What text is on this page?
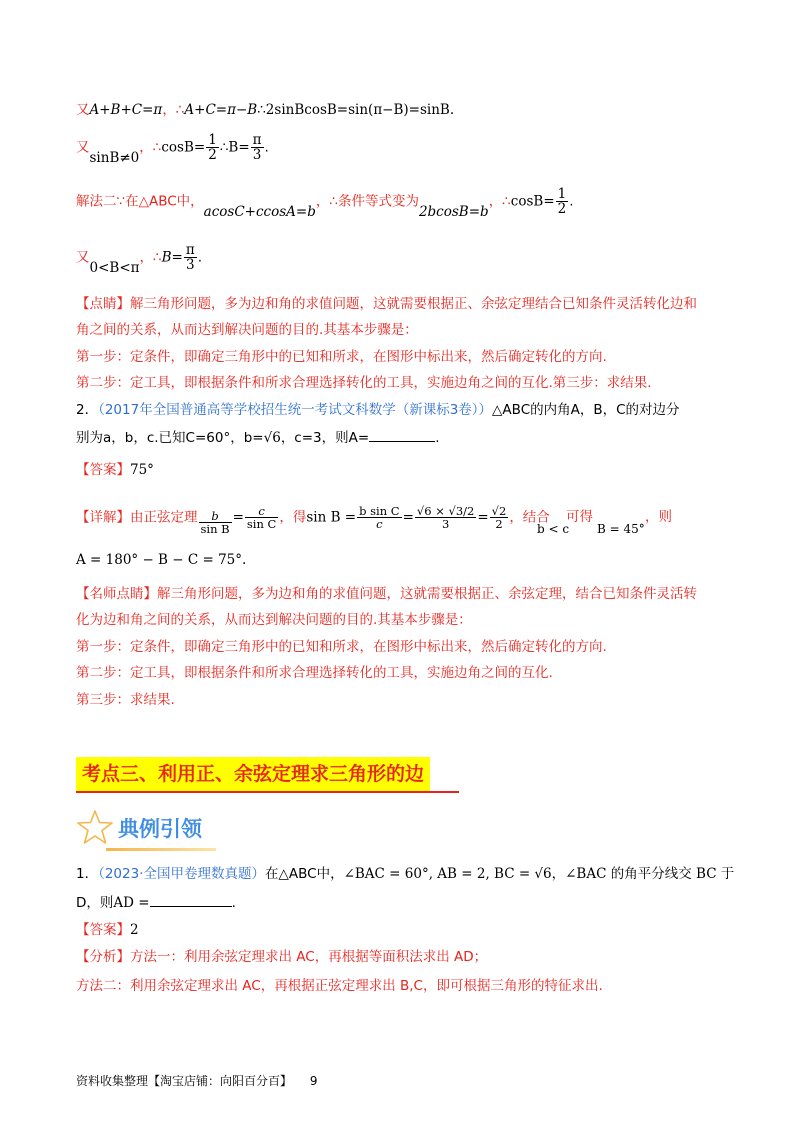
又A+B+C=π，∴A+C=π−B∴2sinBcosB=sin(π−B)=sinB.
又sinB≠0，∴cosB= $\frac{1}{2}$ ∴B= $\frac{\pi}{3}$ .
解法二∵在△ABC中，acosC+ccosA=b，∴条件等式变为2bcosB=b，∴cosB= $\frac{1}{2}$ .
又0<B<π，∴B= $\frac{\pi}{3}$ .
【点睛】解三角形问题，多为边和角的求值问题，这就需要根据正、余弦定理结合已知条件灵活转化边和
角之间的关系，从而达到解决问题的目的.其基本步骤是：
第一步：定条件，即确定三角形中的已知和所求，在图形中标出来，然后确定转化的方向.
第二步：定工具，即根据条件和所求合理选择转化的工具，实施边角之间的互化.第三步：求结果.
2．（2017年全国普通高等学校招生统一考试文科数学（新课标3卷））△ABC的内角A，B，C的对边分
别为a，b，c.已知C=60°，b=√6，c=3，则A=	.
【答案】75°
【详解】由正弦定理 $\frac{b}{\text{sin B}} = \frac{c}{\text{sin C}}$ ，得$\sin B = \frac{\text{b sin C}}{c} = \frac{√6 \times √3/2}{3} = \frac{√2}{2}$ ，结合
b < c
可得
B = 45°
，则
A = 180° − B − C = 75°.
【名师点睛】解三角形问题，多为边和角的求值问题，这就需要根据正、余弦定理，结合已知条件灵活转
化为边和角之间的关系，从而达到解决问题的目的.其基本步骤是：
第一步：定条件，即确定三角形中的已知和所求，在图形中标出来，然后确定转化的方向.
第二步：定工具，即根据条件和所求合理选择转化的工具，实施边角之间的互化.
第三步：求结果.
考点三、利用正、余弦定理求三角形的边
典例引领
1．（2023·全国甲卷理数真题）在△ABC中，∠BAC = 60°, AB = 2, BC = √6，∠BAC 的角平分线交 BC 于
D，则AD =	.
【答案】2
【分析】方法一：利用余弦定理求出 AC，再根据等面积法求出 AD；
方法二：利用余弦定理求出 AC，再根据正弦定理求出 B,C，即可根据三角形的特征求出.
资料收集整理【淘宝店铺：向阳百分百】 9
